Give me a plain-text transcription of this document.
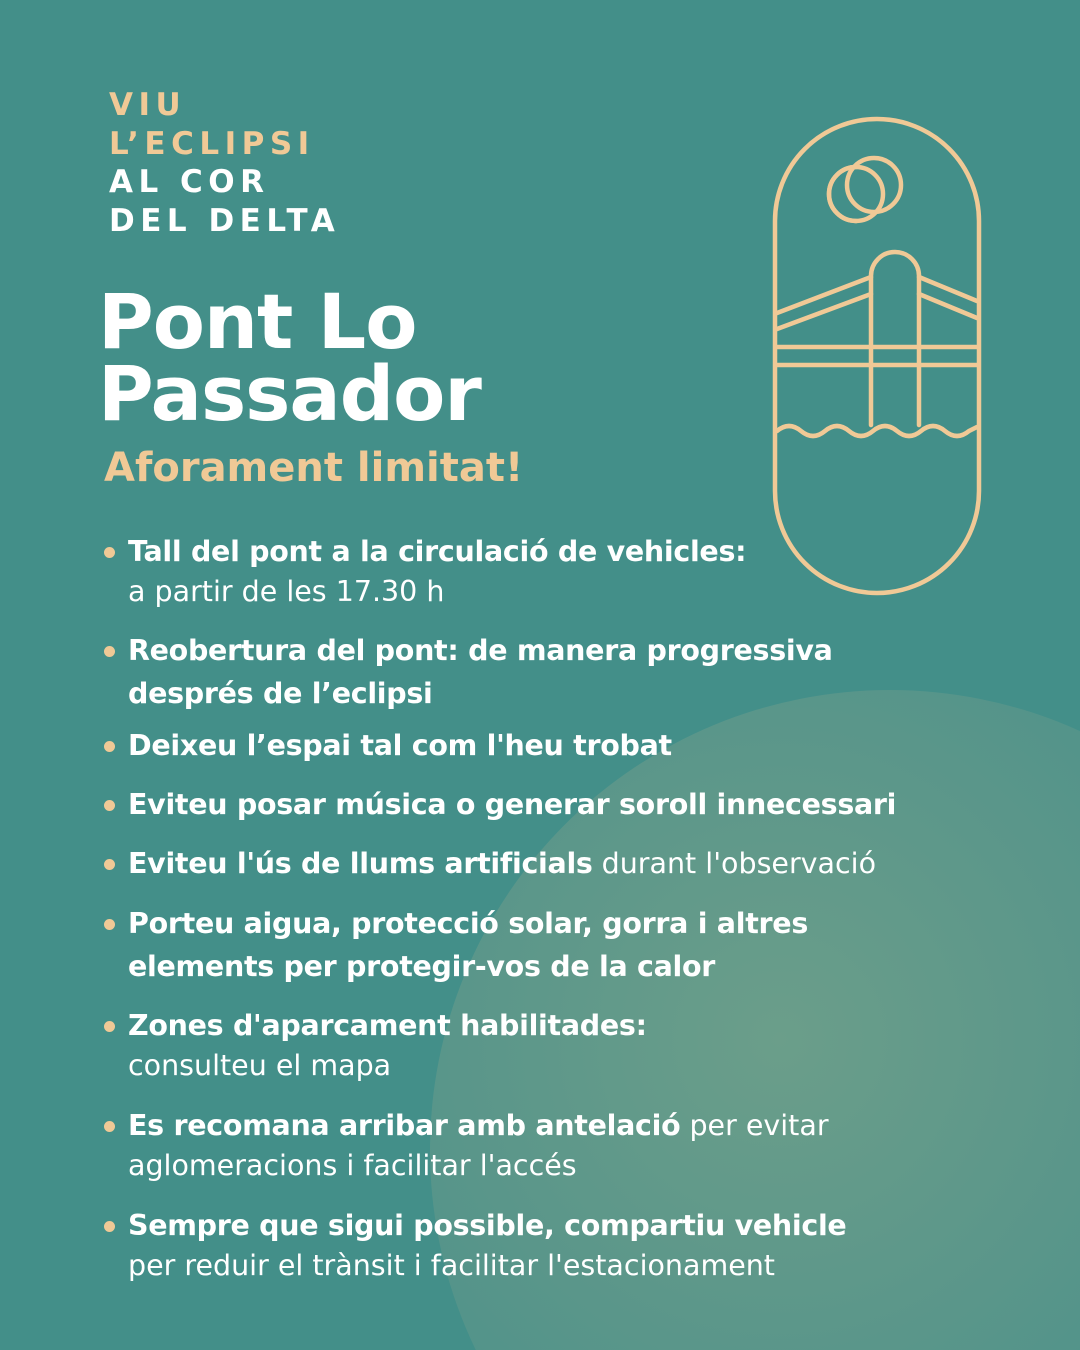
VIU
L’ECLIPSI
AL COR
DEL DELTA
Pont Lo
Passador
Aforament limitat!
Tall del pont a la circulació de vehicles:
a partir de les 17.30 h
Reobertura del pont: de manera progressiva

després de l’eclipsi
Deixeu l’espai tal com l'heu trobat
Eviteu posar música o generar soroll innecessari
Eviteu l'ús de llums artificials durant l'observació
Porteu aigua, protecció solar, gorra i altres

elements per protegir-vos de la calor
Zones d'aparcament habilitades:
consulteu el mapa
Es recomana arribar amb antelació per evitar
aglomeracions i facilitar l'accés
Sempre que sigui possible, compartiu vehicle
per reduir el trànsit i facilitar l'estacionament
